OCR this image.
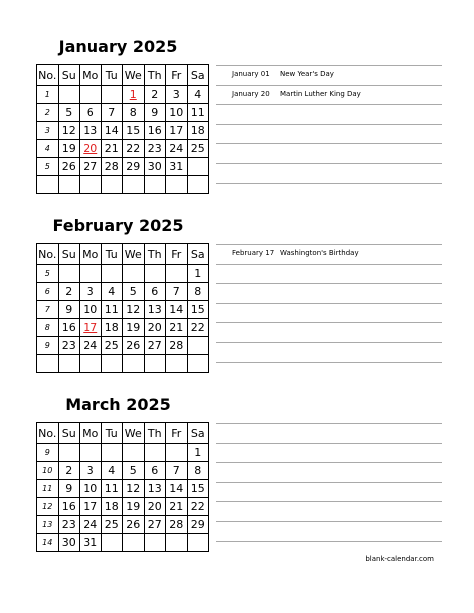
January 2025
No.	Su	Mo	Tu	We	Th	Fr	Sa
1				1	2	3	4
2	5	6	7	8	9	10	11
3	12	13	14	15	16	17	18
4	19	20	21	22	23	24	25
5	26	27	28	29	30	31	

January 01 New Year's Day
January 20 Martin Luther King Day
February 2025
No.	Su	Mo	Tu	We	Th	Fr	Sa
5							1
6	2	3	4	5	6	7	8
7	9	10	11	12	13	14	15
8	16	17	18	19	20	21	22
9	23	24	25	26	27	28	

February 17 Washington's Birthday
March 2025
No.	Su	Mo	Tu	We	Th	Fr	Sa
9							1
10	2	3	4	5	6	7	8
11	9	10	11	12	13	14	15
12	16	17	18	19	20	21	22
13	23	24	25	26	27	28	29
14	30	31					
blank-calendar.com
